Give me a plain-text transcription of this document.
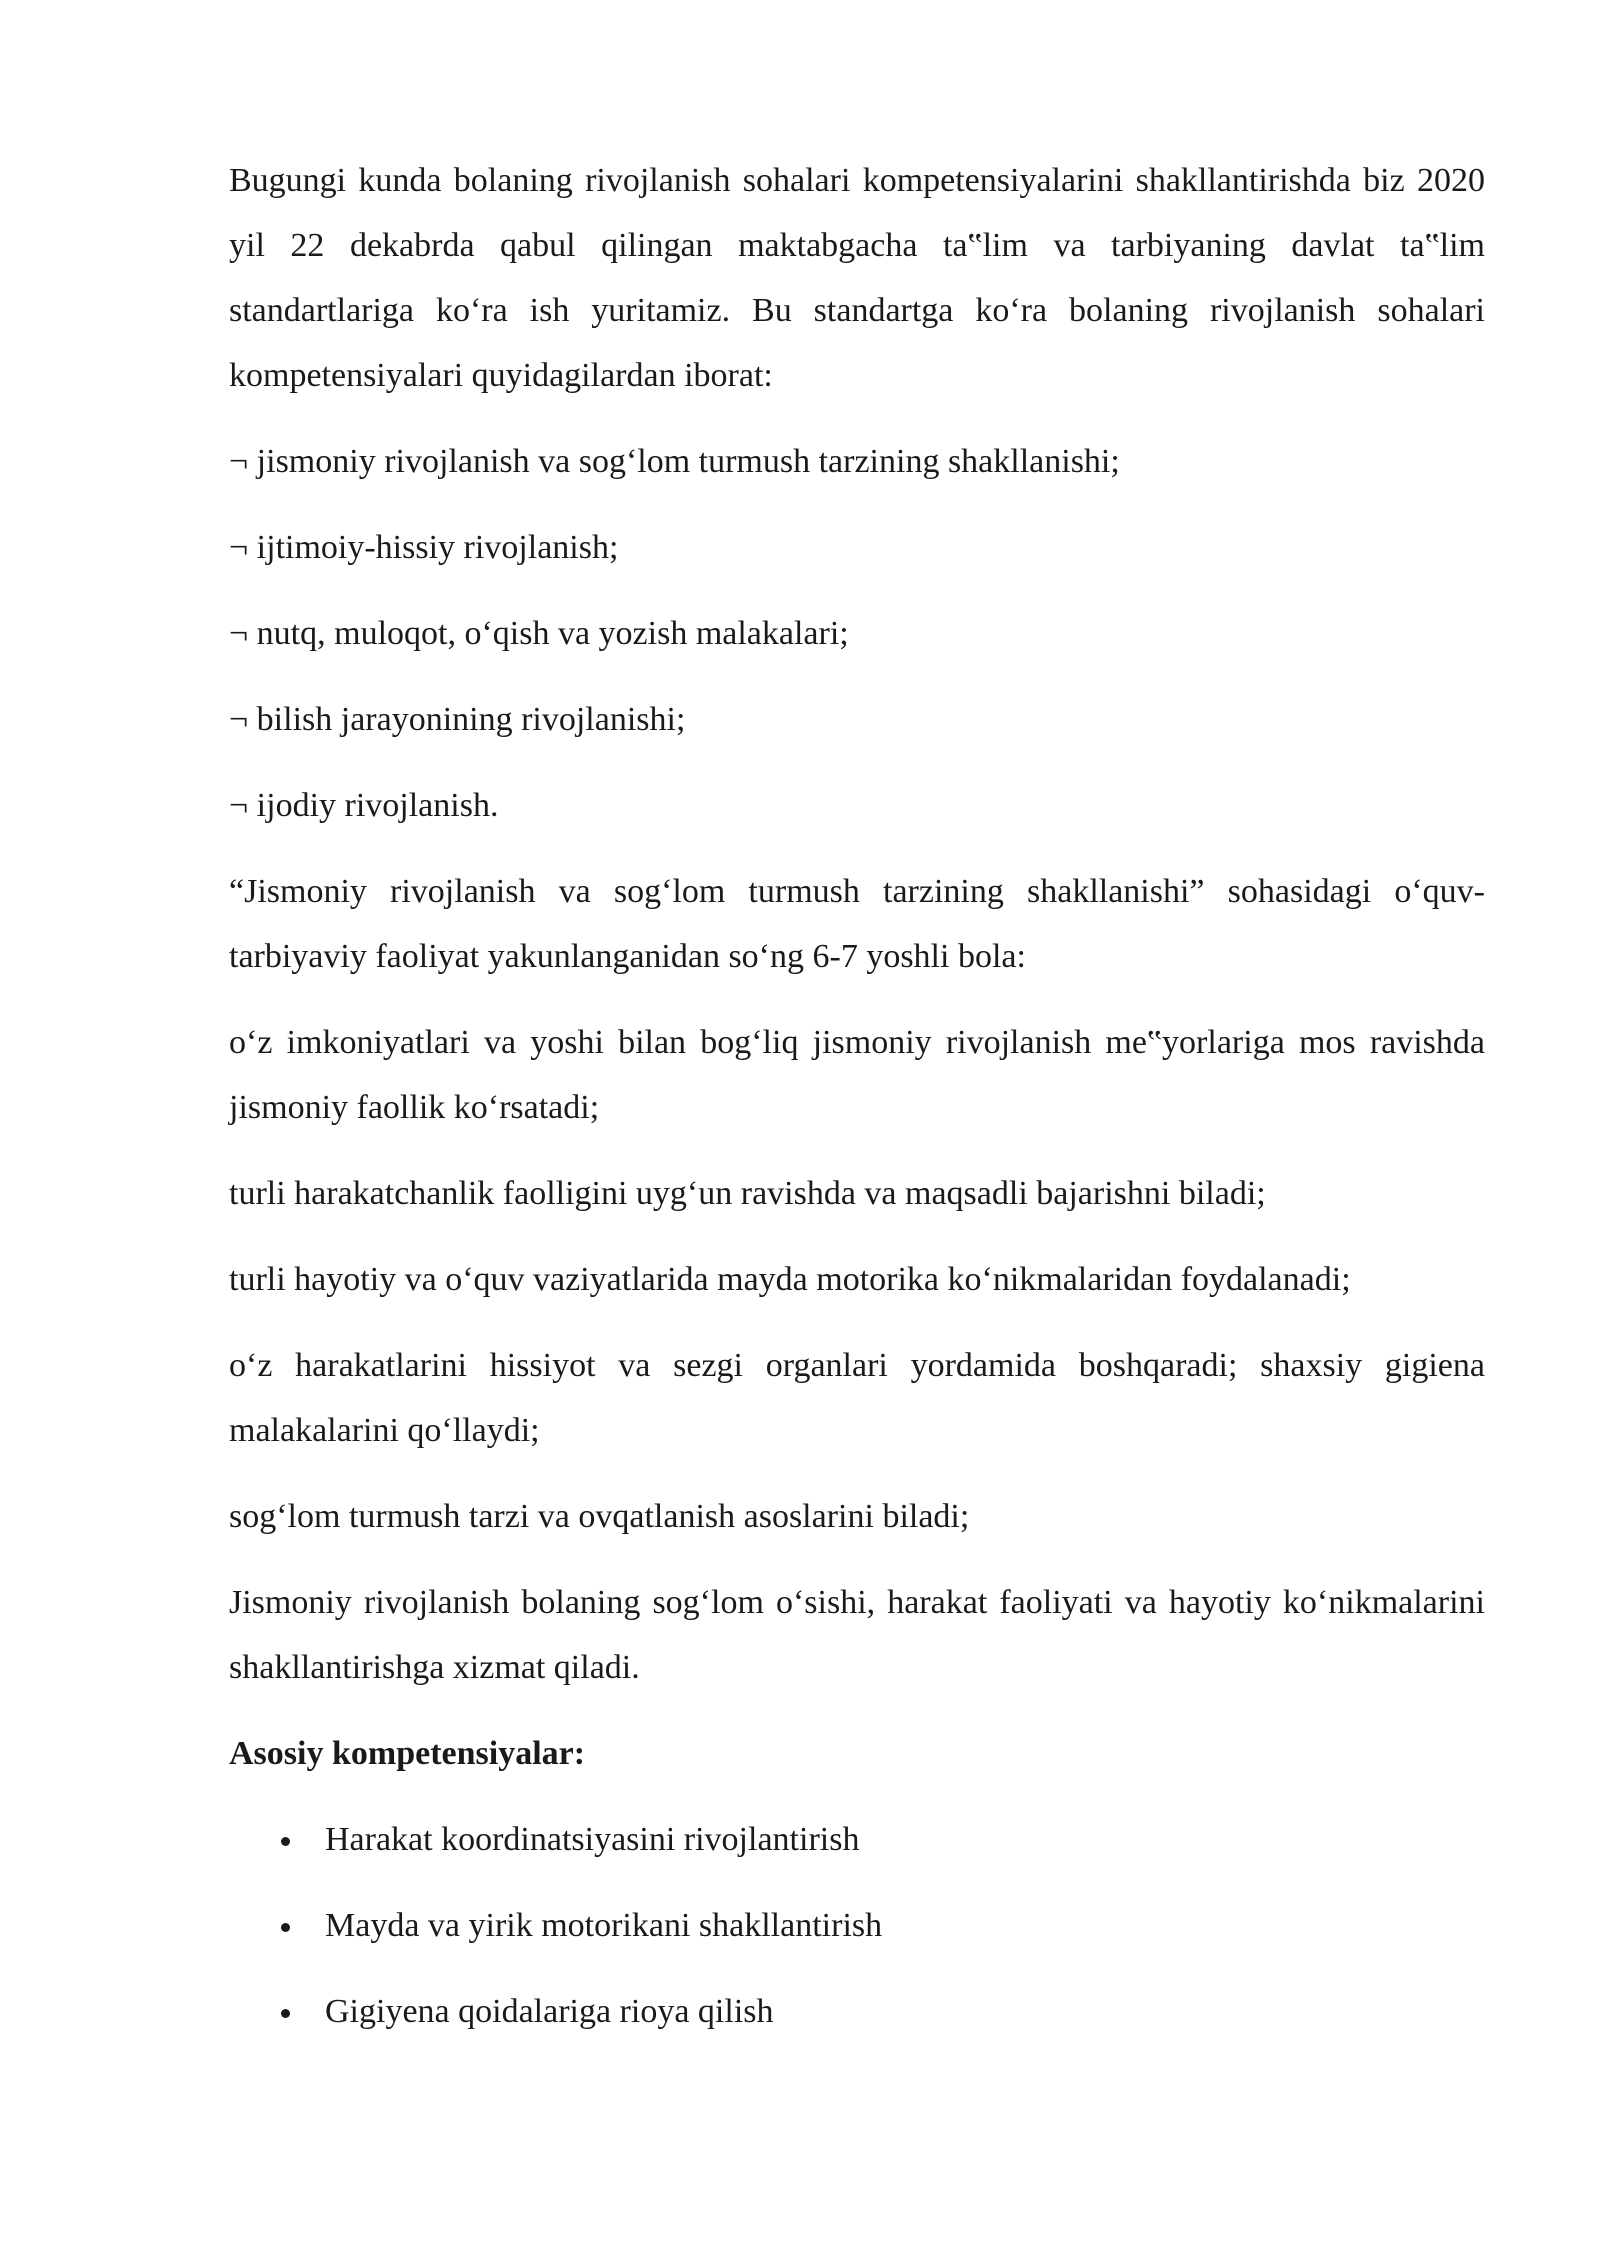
Bugungi kunda bolaning rivojlanish sohalari kompetensiyalarini shakllantirishda biz 2020 yil 22 dekabrda qabul qilingan maktabgacha ta‟lim va tarbiyaning davlat ta‟lim standartlariga ko‘ra ish yuritamiz. Bu standartga ko‘ra bolaning rivojlanish sohalari kompetensiyalari quyidagilardan iborat:

¬ jismoniy rivojlanish va sog‘lom turmush tarzining shakllanishi;
¬ ijtimoiy-hissiy rivojlanish;
¬ nutq, muloqot, o‘qish va yozish malakalari;
¬ bilish jarayonining rivojlanishi;
¬ ijodiy rivojlanish.

“Jismoniy rivojlanish va sog‘lom turmush tarzining shakllanishi” sohasidagi o‘quv-tarbiyaviy faoliyat yakunlanganidan so‘ng 6-7 yoshli bola:

o‘z imkoniyatlari va yoshi bilan bog‘liq jismoniy rivojlanish me‟yorlariga mos ravishda jismoniy faollik ko‘rsatadi;

turli harakatchanlik faolligini uyg‘un ravishda va maqsadli bajarishni biladi;

turli hayotiy va o‘quv vaziyatlarida mayda motorika ko‘nikmalaridan foydalanadi;

o‘z harakatlarini hissiyot va sezgi organlari yordamida boshqaradi; shaxsiy gigiena malakalarini qo‘llaydi;

sog‘lom turmush tarzi va ovqatlanish asoslarini biladi;

Jismoniy rivojlanish bolaning sog‘lom o‘sishi, harakat faoliyati va hayotiy ko‘nikmalarini shakllantirishga xizmat qiladi.

Asosiy kompetensiyalar:
Harakat koordinatsiyasini rivojlantirish
Mayda va yirik motorikani shakllantirish
Gigiyena qoidalariga rioya qilish
